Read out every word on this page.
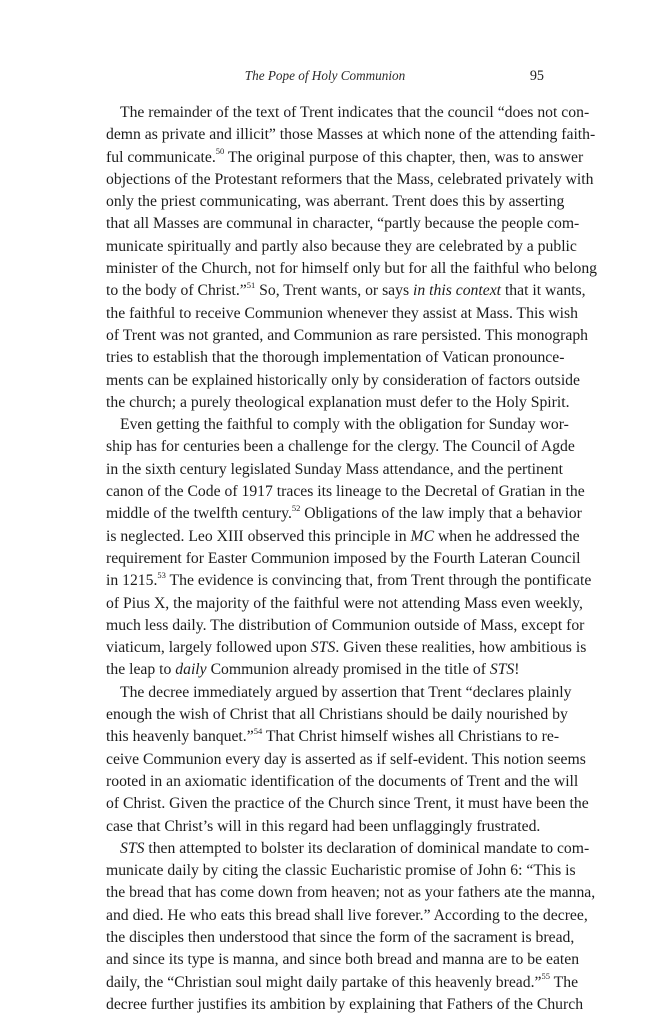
The Pope of Holy Communion	95

The remainder of the text of Trent indicates that the council “does not con-
demn as private and illicit” those Masses at which none of the attending faith-
ful communicate.$^{50}$ The original purpose of this chapter, then, was to answer
objections of the Protestant reformers that the Mass, celebrated privately with
only the priest communicating, was aberrant. Trent does this by asserting
that all Masses are communal in character, “partly because the people com-
municate spiritually and partly also because they are celebrated by a public
minister of the Church, not for himself only but for all the faithful who belong
to the body of Christ.”$^{51}$ So, Trent wants, or says in this context that it wants,
the faithful to receive Communion whenever they assist at Mass. This wish
of Trent was not granted, and Communion as rare persisted. This monograph
tries to establish that the thorough implementation of Vatican pronounce-
ments can be explained historically only by consideration of factors outside
the church; a purely theological explanation must defer to the Holy Spirit.

Even getting the faithful to comply with the obligation for Sunday wor-
ship has for centuries been a challenge for the clergy. The Council of Agde
in the sixth century legislated Sunday Mass attendance, and the pertinent
canon of the Code of 1917 traces its lineage to the Decretal of Gratian in the
middle of the twelfth century.$^{52}$ Obligations of the law imply that a behavior
is neglected. Leo XIII observed this principle in MC when he addressed the
requirement for Easter Communion imposed by the Fourth Lateran Council
in 1215.53 The evidence is convincing that, from Trent through the pontificate
of Pius X, the majority of the faithful were not attending Mass even weekly,
much less daily. The distribution of Communion outside of Mass, except for
viaticum, largely followed upon STS. Given these realities, how ambitious is
the leap to daily Communion already promised in the title of STS!

The decree immediately argued by assertion that Trent “declares plainly
enough the wish of Christ that all Christians should be daily nourished by
this heavenly banquet.”$^{54}$ That Christ himself wishes all Christians to re-
ceive Communion every day is asserted as if self-evident. This notion seems
rooted in an axiomatic identification of the documents of Trent and the will
of Christ. Given the practice of the Church since Trent, it must have been the
case that Christ’s will in this regard had been unflaggingly frustrated.

STS then attempted to bolster its declaration of dominical mandate to com-
municate daily by citing the classic Eucharistic promise of John 6: “This is
the bread that has come down from heaven; not as your fathers ate the manna,
and died. He who eats this bread shall live forever.” According to the decree,
the disciples then understood that since the form of the sacrament is bread,
and since its type is manna, and since both bread and manna are to be eaten
daily, the “Christian soul might daily partake of this heavenly bread.”$^{55}$ The
decree further justifies its ambition by explaining that Fathers of the Church
